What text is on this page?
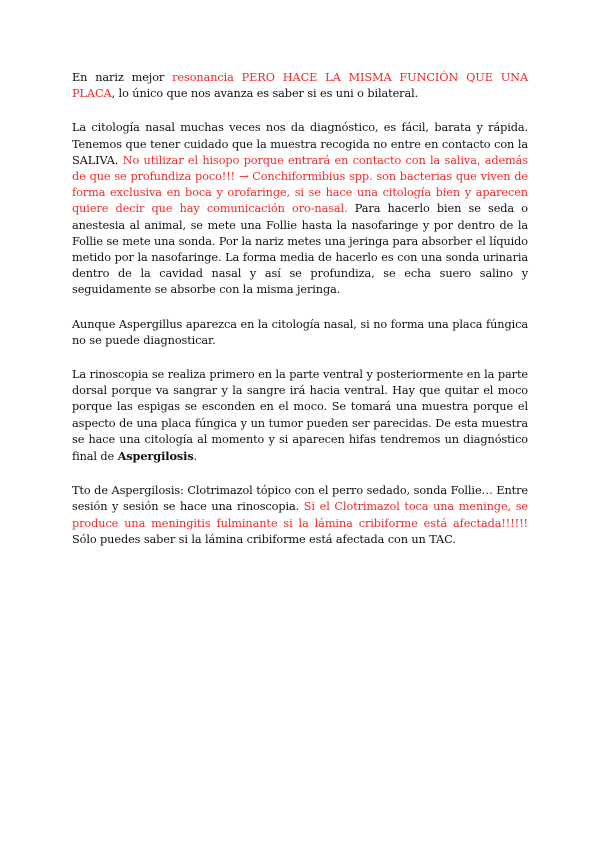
En nariz mejor resonancia PERO HACE LA MISMA FUNCIÓN QUE UNA PLACA, lo único que nos avanza es saber si es uni o bilateral.

La citología nasal muchas veces nos da diagnóstico, es fácil, barata y rápida. Tenemos que tener cuidado que la muestra recogida no entre en contacto con la SALIVA. No utilizar el hisopo porque entrará en contacto con la saliva, además de que se profundiza poco!!! → Conchiformibius spp. son bacterias que viven de forma exclusiva en boca y orofaringe, si se hace una citología bien y aparecen quiere decir que hay comunicación oro-nasal. Para hacerlo bien se seda o anestesia al animal, se mete una Follie hasta la nasofaringe y por dentro de la Follie se mete una sonda. Por la nariz metes una jeringa para absorber el líquido metido por la nasofaringe. La forma media de hacerlo es con una sonda urinaria dentro de la cavidad nasal y así se profundiza, se echa suero salino y seguidamente se absorbe con la misma jeringa.

Aunque Aspergillus aparezca en la citología nasal, si no forma una placa fúngica no se puede diagnosticar.

La rinoscopia se realiza primero en la parte ventral y posteriormente en la parte dorsal porque va sangrar y la sangre irá hacia ventral. Hay que quitar el moco porque las espigas se esconden en el moco. Se tomará una muestra porque el aspecto de una placa fúngica y un tumor pueden ser parecidas. De esta muestra se hace una citología al momento y si aparecen hifas tendremos un diagnóstico final de Aspergilosis.

Tto de Aspergilosis: Clotrimazol tópico con el perro sedado, sonda Follie… Entre sesión y sesión se hace una rinoscopia. Si el Clotrimazol toca una meninge, se produce una meningitis fulminante si la lámina cribiforme está afectada!!!!!! Sólo puedes saber si la lámina cribiforme está afectada con un TAC.
